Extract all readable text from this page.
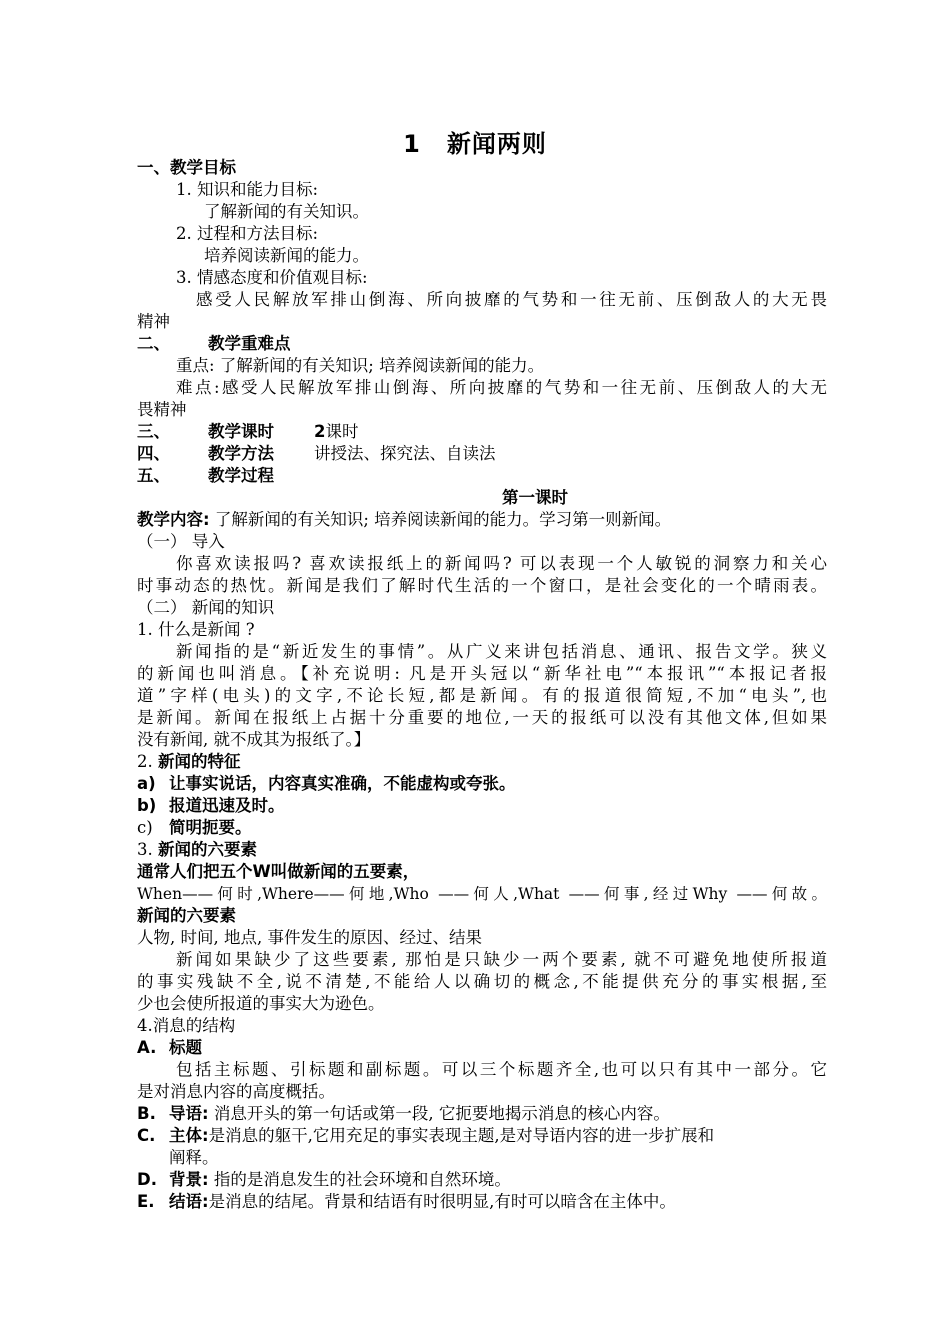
1 新闻两则
一、教学目标
1. 知识和能力目标:
了解新闻的有关知识。
2. 过程和方法目标:
培养阅读新闻的能力。
3. 情感态度和价值观目标:
感受人民解放军排山倒海、所向披靡的气势和一往无前、压倒敌人的大无畏
精神
二、 教学重难点
重点: 了解新闻的有关知识; 培养阅读新闻的能力。
难点:感受人民解放军排山倒海、所向披靡的气势和一往无前、压倒敌人的大无
畏精神
三、 教学课时 2课时
四、 教学方法 讲授法、探究法、自读法
五、 教学过程
第一课时
教学内容: 了解新闻的有关知识; 培养阅读新闻的能力。学习第一则新闻。
（一） 导入
你喜欢读报吗? 喜欢读报纸上的新闻吗? 可以表现一个人敏锐的洞察力和关心
时事动态的热忱。新闻是我们了解时代生活的一个窗口，是社会变化的一个晴雨表。
（二） 新闻的知识
1. 什么是新闻 ?
新闻指的是“新近发生的事情”。从广义来讲包括消息、通讯、报告文学。狭义
的新闻也叫消息。【补充说明: 凡是开头冠以“新华社电”“本报讯”“本报记者报
道”字样(电头)的文字,不论长短,都是新闻。有的报道很简短,不加“电头”,也
是新闻。新闻在报纸上占据十分重要的地位,一天的报纸可以没有其他文体,但如果
没有新闻, 就不成其为报纸了。】
2. 新闻的特征
a) 让事实说话，内容真实准确，不能虚构或夸张。
b) 报道迅速及时。
c) 简明扼要。
3. 新闻的六要素
通常人们把五个W叫做新闻的五要素，
When——何时,Where——何地,Who ——何人,What ——何事,经过Why ——何故。
新闻的六要素
人物, 时间, 地点, 事件发生的原因、经过、结果
新闻如果缺少了这些要素, 那怕是只缺少一两个要素, 就不可避免地使所报道
的事实残缺不全,说不清楚,不能给人以确切的概念,不能提供充分的事实根据,至
少也会使所报道的事实大为逊色。
4.消息的结构
A. 标题
包括主标题、引标题和副标题。可以三个标题齐全,也可以只有其中一部分。它
是对消息内容的高度概括。
B. 导语: 消息开头的第一句话或第一段, 它扼要地揭示消息的核心内容。
C. 主体:是消息的躯干,它用充足的事实表现主题,是对导语内容的进一步扩展和
阐释。
D. 背景: 指的是消息发生的社会环境和自然环境。
E. 结语:是消息的结尾。背景和结语有时很明显,有时可以暗含在主体中。
